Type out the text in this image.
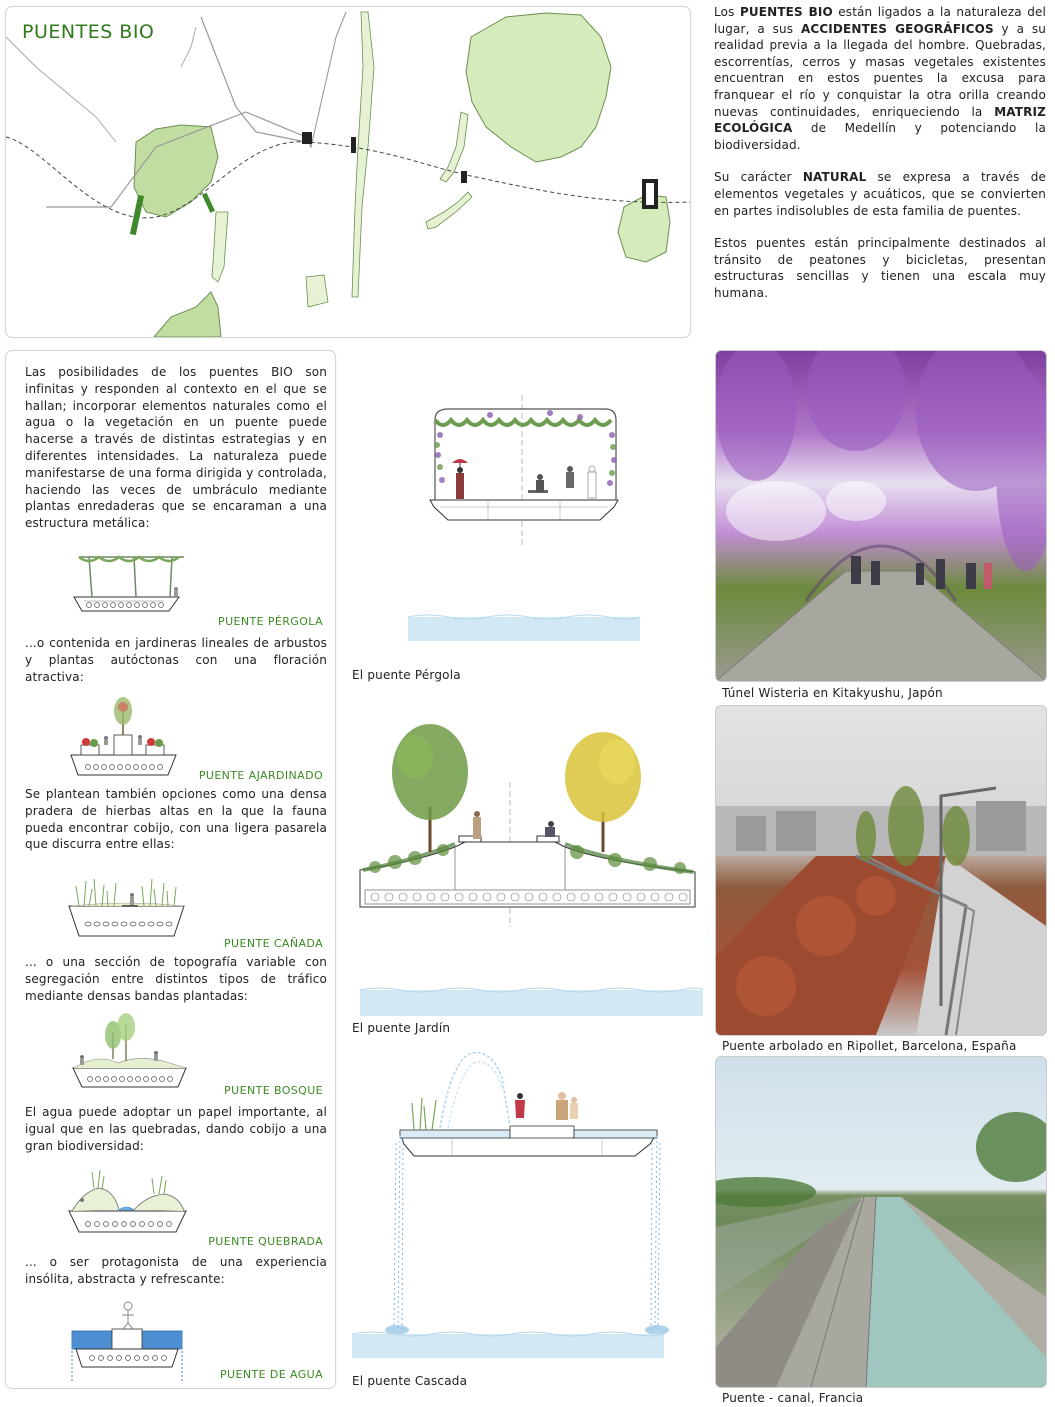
PUENTES BIO

Los PUENTES BIO están ligados a la naturaleza del lugar, a sus ACCIDENTES GEOGRÁFICOS y a su realidad previa a la llegada del hombre. Quebradas, escorrentías, cerros y masas vegetales existentes encuentran en estos puentes la excusa para franquear el río y conquistar la otra orilla creando nuevas continuidades, enriqueciendo la MATRIZ ECOLÓGICA de Medellín y potenciando la biodiversidad.

Su carácter NATURAL se expresa a través de elementos vegetales y acuáticos, que se convierten en partes indisolubles de esta familia de puentes.

Estos puentes están principalmente destinados al tránsito de peatones y bicicletas, presentan estructuras sencillas y tienen una escala muy humana.

Las posibilidades de los puentes BIO son infinitas y responden al contexto en el que se hallan; incorporar elementos naturales como el agua o la vegetación en un puente puede hacerse a través de distintas estrategias y en diferentes intensidades. La naturaleza puede manifestarse de una forma dirigida y controlada, haciendo las veces de umbráculo mediante plantas enredaderas que se encaraman a una estructura metálica:
PUENTE PÉRGOLA
...o contenida en jardineras lineales de arbustos y plantas autóctonas con una floración atractiva:
PUENTE AJARDINADO
Se plantean también opciones como una densa pradera de hierbas altas en la que la fauna pueda encontrar cobijo, con una ligera pasarela que discurra entre ellas:
PUENTE CAÑADA
... o una sección de topografía variable con segregación entre distintos tipos de tráfico mediante densas bandas plantadas:
PUENTE BOSQUE
El agua puede adoptar un papel importante, al igual que en las quebradas, dando cobijo a una gran biodiversidad:
PUENTE QUEBRADA
... o ser protagonista de una experiencia insólita, abstracta y refrescante:
PUENTE DE AGUA
El puente Pérgola
El puente Jardín
El puente Cascada
Túnel Wisteria en Kitakyushu, Japón
Puente arbolado en Ripollet, Barcelona, España
Puente - canal, Francia
